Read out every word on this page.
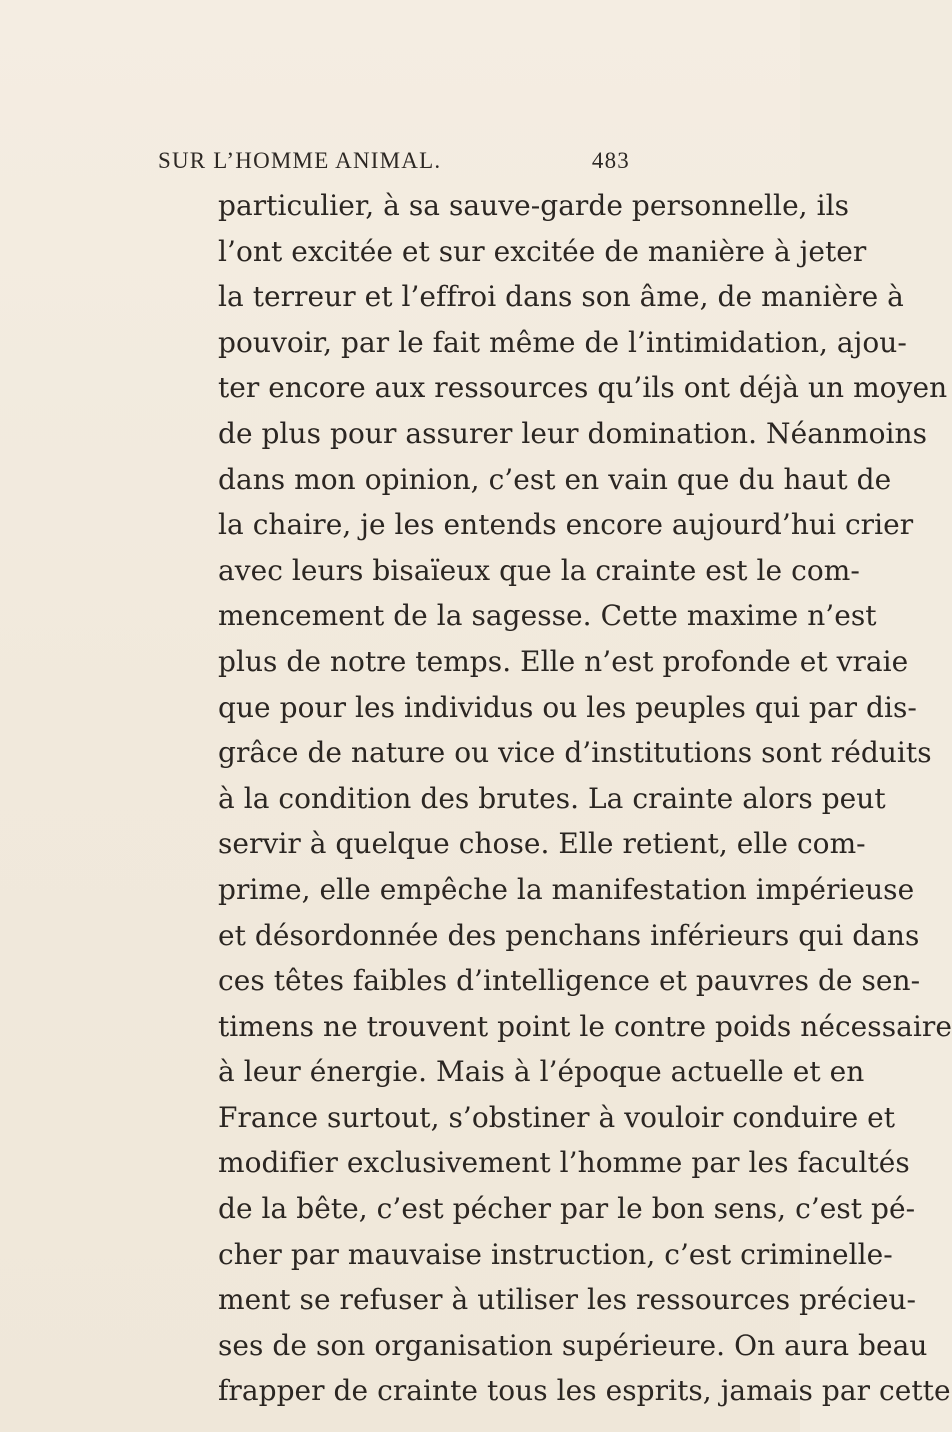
SUR L’HOMME ANIMAL.	483
particulier, à sa sauve-garde personnelle, ils
l’ont excitée et sur excitée de manière à jeter
la terreur et l’effroi dans son âme, de manière à
pouvoir, par le fait même de l’intimidation, ajou-
ter encore aux ressources qu’ils ont déjà un moyen
de plus pour assurer leur domination. Néanmoins
dans mon opinion, c’est en vain que du haut de
la chaire, je les entends encore aujourd’hui crier
avec leurs bisaïeux que la crainte est le com-
mencement de la sagesse. Cette maxime n’est
plus de notre temps. Elle n’est profonde et vraie
que pour les individus ou les peuples qui par dis-
grâce de nature ou vice d’institutions sont réduits
à la condition des brutes. La crainte alors peut
servir à quelque chose. Elle retient, elle com-
prime, elle empêche la manifestation impérieuse
et désordonnée des penchans inférieurs qui dans
ces têtes faibles d’intelligence et pauvres de sen-
timens ne trouvent point le contre poids nécessaire
à leur énergie. Mais à l’époque actuelle et en
France surtout, s’obstiner à vouloir conduire et
modifier exclusivement l’homme par les facultés
de la bête, c’est pécher par le bon sens, c’est pé-
cher par mauvaise instruction, c’est criminelle-
ment se refuser à utiliser les ressources précieu-
ses de son organisation supérieure. On aura beau
frapper de crainte tous les esprits, jamais par cette
